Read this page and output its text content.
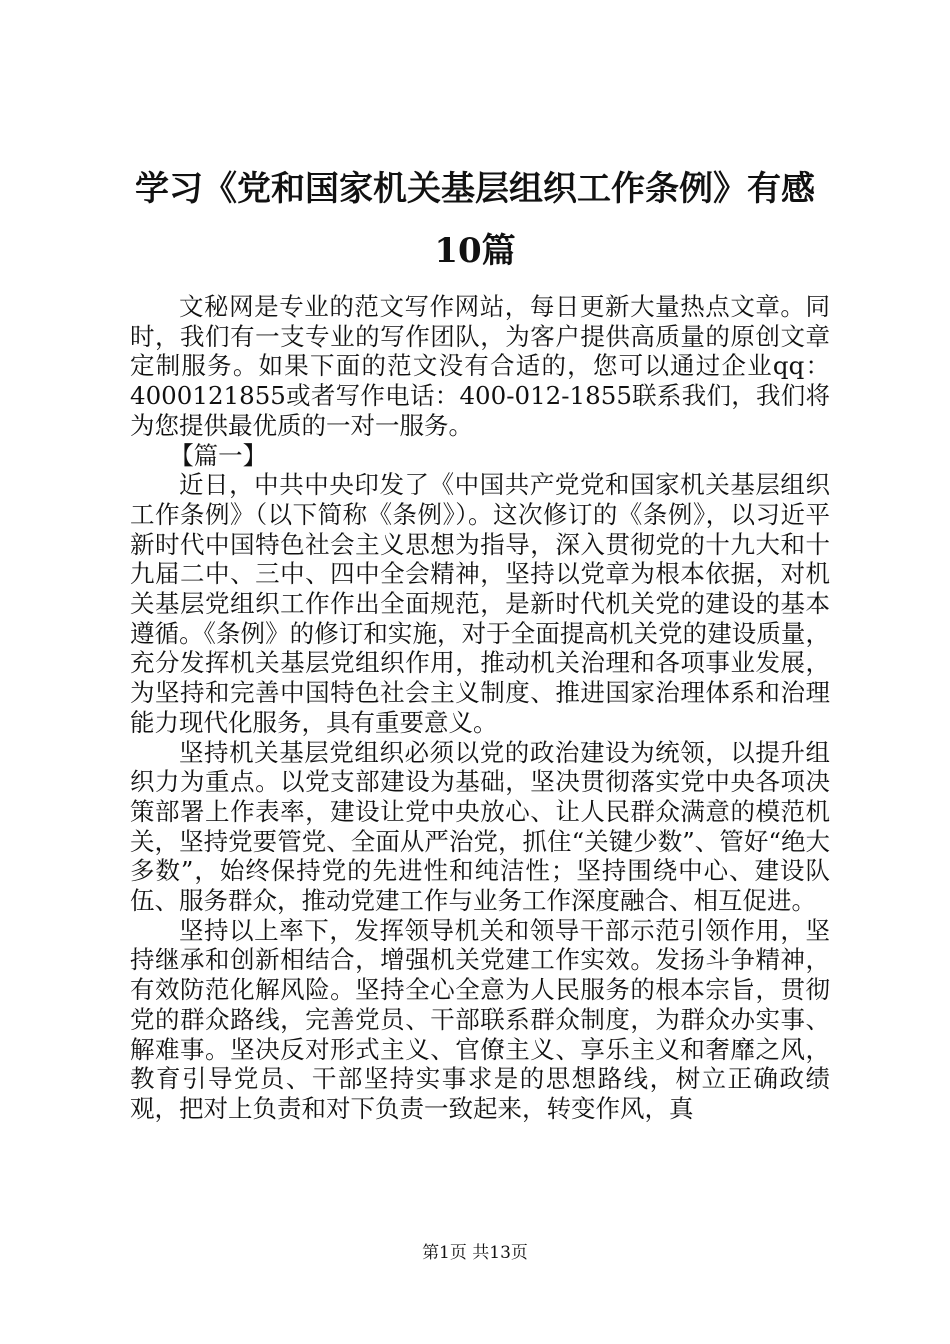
学习《党和国家机关基层组织工作条例》有感
10篇

文秘网是专业的范文写作网站，每日更新大量热点文章。同时，我们有一支专业的写作团队，为客户提供高质量的原创文章定制服务。如果下面的范文没有合适的，您可以通过企业qq：4000121855或者写作电话：400-012-1855联系我们，我们将为您提供最优质的一对一服务。

【篇一】

近日，中共中央印发了《中国共产党党和国家机关基层组织工作条例》（以下简称《条例》）。这次修订的《条例》，以习近平新时代中国特色社会主义思想为指导，深入贯彻党的十九大和十九届二中、三中、四中全会精神，坚持以党章为根本依据，对机关基层党组织工作作出全面规范，是新时代机关党的建设的基本遵循。《条例》的修订和实施，对于全面提高机关党的建设质量，充分发挥机关基层党组织作用，推动机关治理和各项事业发展，为坚持和完善中国特色社会主义制度、推进国家治理体系和治理能力现代化服务，具有重要意义。

坚持机关基层党组织必须以党的政治建设为统领，以提升组织力为重点。以党支部建设为基础，坚决贯彻落实党中央各项决策部署上作表率，建设让党中央放心、让人民群众满意的模范机关，坚持党要管党、全面从严治党，抓住“关键少数”、管好“绝大多数”，始终保持党的先进性和纯洁性；坚持围绕中心、建设队伍、服务群众，推动党建工作与业务工作深度融合、相互促进。

坚持以上率下，发挥领导机关和领导干部示范引领作用，坚持继承和创新相结合，增强机关党建工作实效。发扬斗争精神，有效防范化解风险。坚持全心全意为人民服务的根本宗旨，贯彻党的群众路线，完善党员、干部联系群众制度，为群众办实事、解难事。坚决反对形式主义、官僚主义、享乐主义和奢靡之风，教育引导党员、干部坚持实事求是的思想路线，树立正确政绩观，把对上负责和对下负责一致起来，转变作风，真

第1页 共13页
